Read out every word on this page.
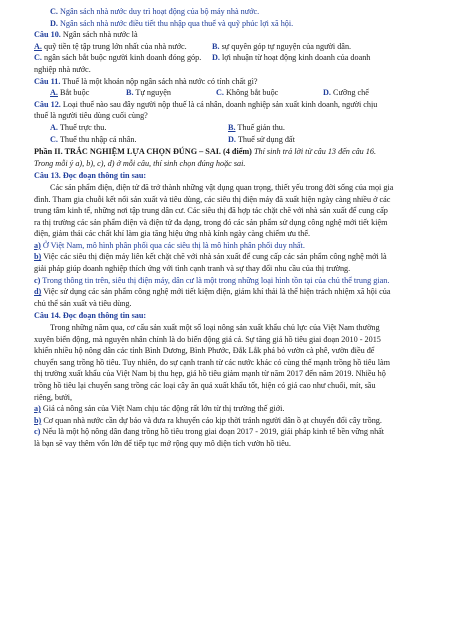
C. Ngân sách nhà nước duy trì hoạt động của bộ máy nhà nước.

D. Ngân sách nhà nước điều tiết thu nhập qua thuế và quỹ phúc lợi xã hội.

Câu 10. Ngân sách nhà nước là

A. quỹ tiền tệ tập trung lớn nhất của nhà nước.	B. sự quyên góp tự nguyện của người dân.
C. ngân sách bắt buộc người kinh doanh đóng góp. D. lợi nhuận từ hoạt động kinh doanh của doanh

nghiệp nhà nước.

Câu 11. Thuế là một khoản nộp ngân sách nhà nước có tính chất gì?

A. Bắt buộc	B. Tự nguyện	C. Không bắt buộc	D. Cưỡng chế

Câu 12. Loại thuế nào sau đây người nộp thuế là cá nhân, doanh nghiệp sản xuất kinh doanh, người chịu

thuế là người tiêu dùng cuối cùng?

A. Thuế trực thu.	B. Thuế gián thu.
C. Thuế thu nhập cá nhân.	D. Thuế sử dụng đất

Phần II. TRẮC NGHIỆM LỰA CHỌN ĐÚNG – SAI. (4 điểm) Thí sinh trả lời từ câu 13 đến câu 16.

Trong mỗi ý a), b), c), d) ở mỗi câu, thí sinh chọn đúng hoặc sai.

Câu 13. Đọc đoạn thông tin sau:

Các sản phẩm điện, điện tử đã trở thành những vật dụng quan trọng, thiết yếu trong đời sống của mọi gia

đình. Tham gia chuỗi kết nối sản xuất và tiêu dùng, các siêu thị điện máy đã xuất hiện ngày càng nhiều ở các

trung tâm kinh tế, những nơi tập trung dân cư. Các siêu thị đã hợp tác chặt chẽ với nhà sản xuất để cung cấp

ra thị trường các sản phẩm điện và điện tử đa dạng, trong đó các sản phẩm sử dụng công nghệ mới tiết kiệm

điện, giảm thải các chất khí làm gia tăng hiệu ứng nhà kính ngày càng chiếm ưu thế.

a) Ở Việt Nam, mô hình phân phối qua các siêu thị là mô hình phân phối duy nhất.

b) Việc các siêu thị điện máy liên kết chặt chẽ với nhà sản xuất để cung cấp các sản phẩm công nghệ mới là

giải pháp giúp doanh nghiệp thích ứng với tình cạnh tranh và sự thay đổi nhu cầu của thị trường.

c) Trong thông tin trên, siêu thị điện máy, dân cư là một trong những loại hình tồn tại của chủ thể trung gian.

d) Việc sử dụng các sản phẩm công nghệ mới tiết kiệm điện, giảm khí thải là thể hiện trách nhiệm xã hội của

chủ thể sản xuất và tiêu dùng.

Câu 14. Đọc đoạn thông tin sau:

Trong những năm qua, cơ cấu sản xuất một số loại nông sản xuất khẩu chủ lực của Việt Nam thường

xuyên biến động, mà nguyên nhân chính là do biến động giá cả. Sự tăng giá hồ tiêu giai đoạn 2010 - 2015

khiến nhiều hộ nông dân các tỉnh Bình Dương, Bình Phước, Đắk Lắk phá bỏ vườn cà phê, vườn điều để

chuyển sang trồng hồ tiêu. Tuy nhiên, do sự cạnh tranh từ các nước khác có cùng thế mạnh trồng hồ tiêu làm

thị trường xuất khẩu của Việt Nam bị thu hẹp, giá hồ tiêu giảm mạnh từ năm 2017 đến năm 2019. Nhiều hộ

trồng hồ tiêu lại chuyển sang trồng các loại cây ăn quả xuất khẩu tốt, hiện có giá cao như chuối, mít, sầu

riêng, bưởi,

a) Giá cả nông sản của Việt Nam chịu tác động rất lớn từ thị trường thế giới.

b) Cơ quan nhà nước cần dự báo và đưa ra khuyến cáo kịp thời tránh người dân ồ ạt chuyển đổi cây trồng.

c) Nếu là một hộ nông dân đang trồng hồ tiêu trong giai đoạn 2017 - 2019, giải pháp kinh tế bền vững nhất

là bạn sẽ vay thêm vốn lớn để tiếp tục mở rộng quy mô diện tích vườn hồ tiêu.
